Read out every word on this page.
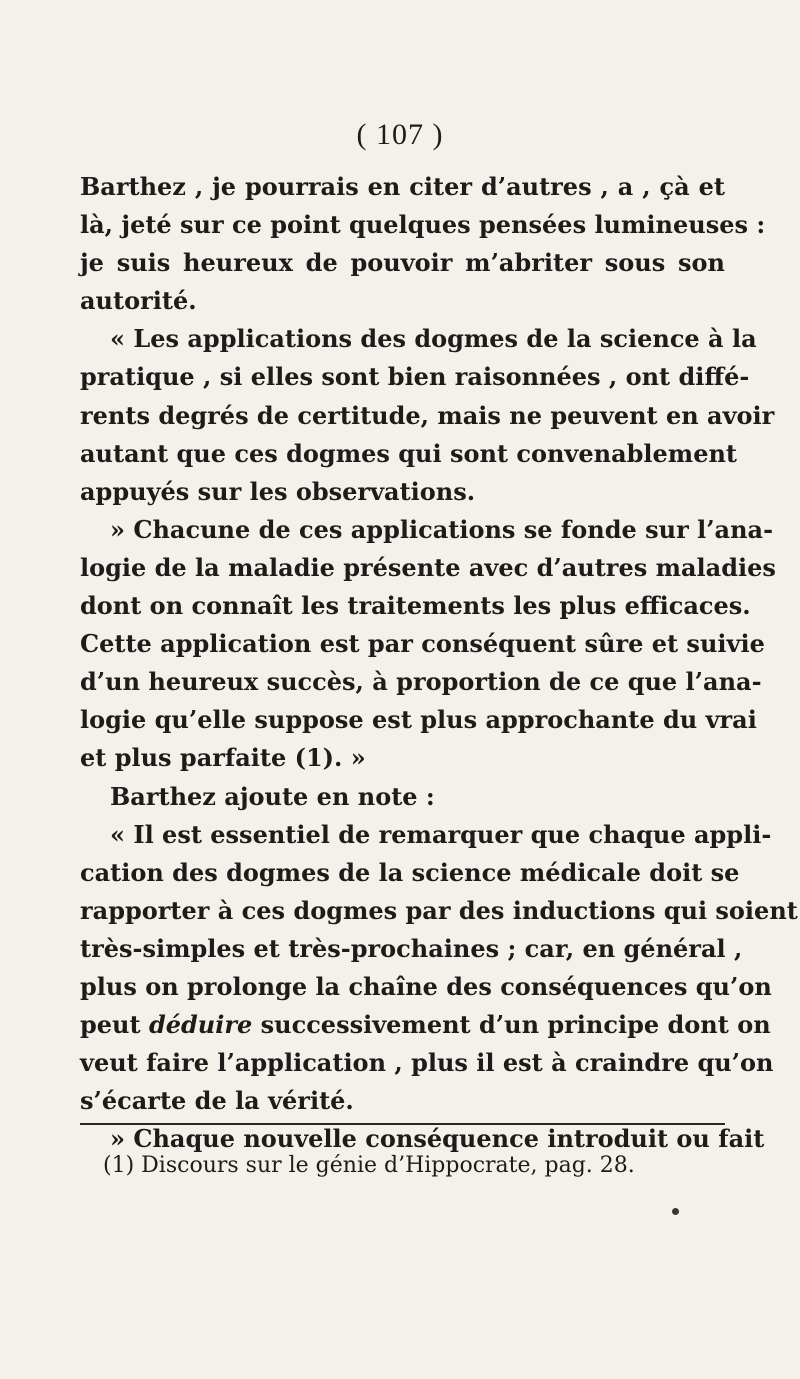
( 107 )
Barthez , je pourrais en citer d’autres , a , çà et
là, jeté sur ce point quelques pensées lumineuses :
je suis heureux de pouvoir m’abriter sous son
autorité.
« Les applications des dogmes de la science à la
pratique , si elles sont bien raisonnées , ont diffé-
rents degrés de certitude, mais ne peuvent en avoir
autant que ces dogmes qui sont convenablement
appuyés sur les observations.
» Chacune de ces applications se fonde sur l’ana-
logie de la maladie présente avec d’autres maladies
dont on connaît les traitements les plus efficaces.
Cette application est par conséquent sûre et suivie
d’un heureux succès, à proportion de ce que l’ana-
logie qu’elle suppose est plus approchante du vrai
et plus parfaite (1). »
Barthez ajoute en note :
« Il est essentiel de remarquer que chaque appli-
cation des dogmes de la science médicale doit se
rapporter à ces dogmes par des inductions qui soient
très-simples et très-prochaines ; car, en général ,
plus on prolonge la chaîne des conséquences qu’on
peut déduire successivement d’un principe dont on
veut faire l’application , plus il est à craindre qu’on
s’écarte de la vérité.
» Chaque nouvelle conséquence introduit ou fait
(1) Discours sur le génie d’Hippocrate, pag. 28.
